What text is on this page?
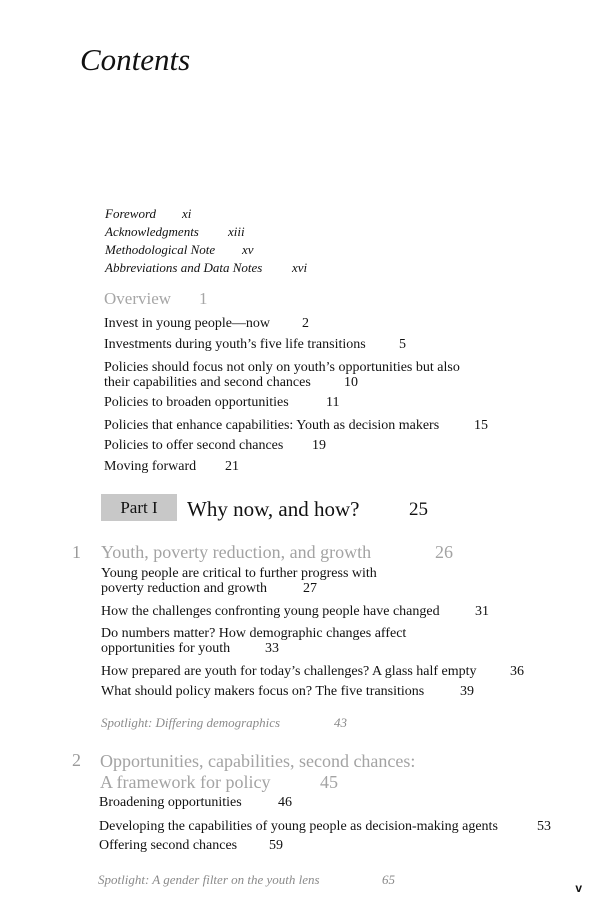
Contents
Foreword xi
Acknowledgments xiii
Methodological Note xv
Abbreviations and Data Notes xvi
Overview 1
Invest in young people—now 2
Investments during youth’s five life transitions 5
Policies should focus not only on youth’s opportunities but also
their capabilities and second chances 10
Policies to broaden opportunities	11
Policies that enhance capabilities: Youth as decision makers 15
Policies to offer second chances 19
Moving forward 21
Part I	Why now, and how?	25
1 Youth, poverty reduction, and growth	26
Young people are critical to further progress with
poverty reduction and growth	27
How the challenges confronting young people have changed	31
Do numbers matter? How demographic changes affect
opportunities for youth 33
How prepared are youth for today’s challenges? A glass half empty 36
What should policy makers focus on? The five transitions	39
Spotlight: Differing demographics	43
2 Opportunities, capabilities, second chances:
A framework for policy	45
Broadening opportunities	46
Developing the capabilities of young people as decision-making agents	53
Offering second chances 59
Spotlight: A gender filter on the youth lens	65
v
